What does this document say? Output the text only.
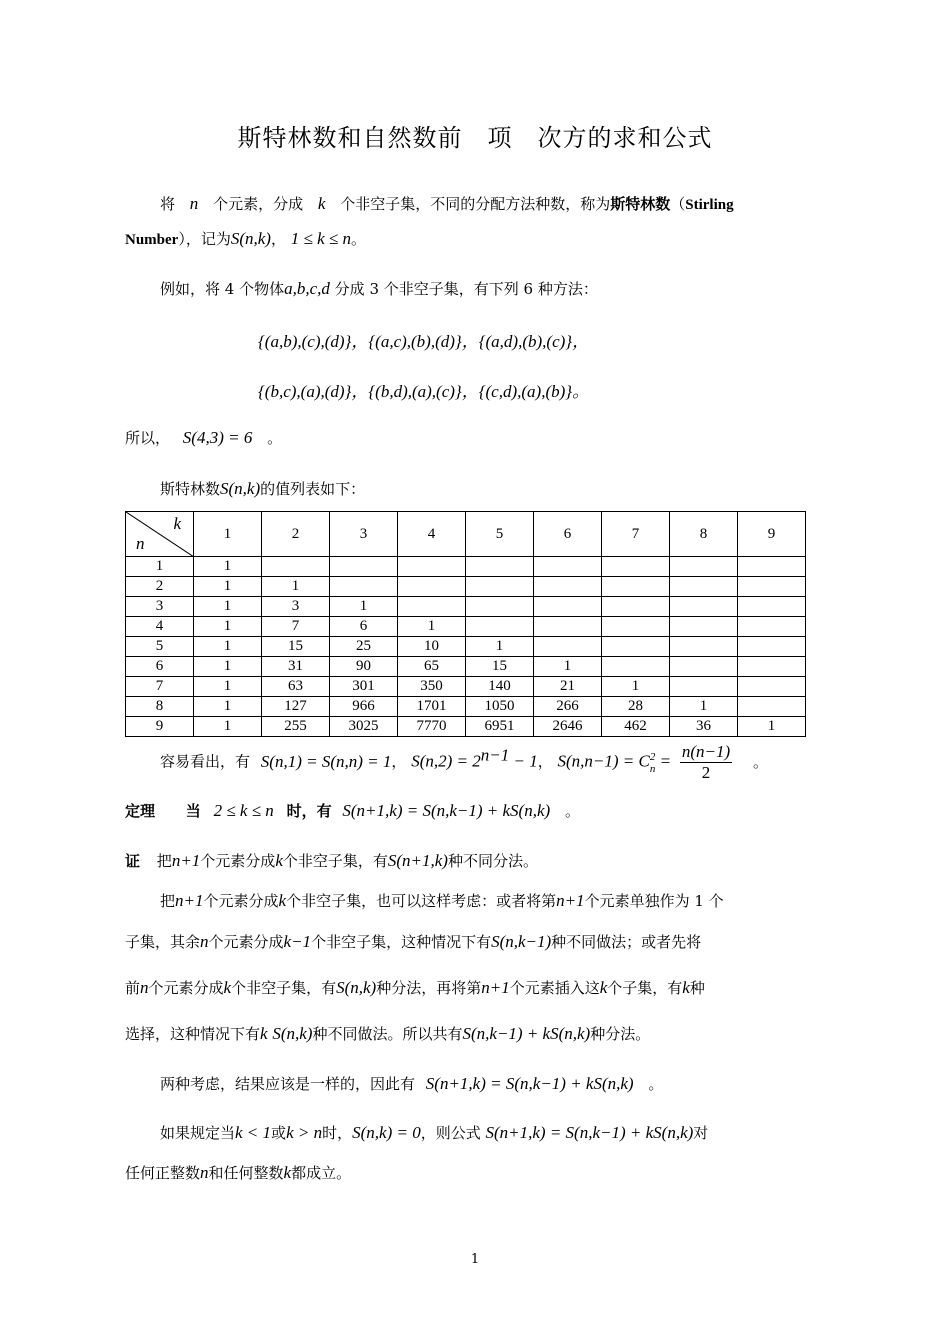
斯特林数和自然数前　项　次方的求和公式
将 n 个元素，分成 k 个非空子集，不同的分配方法种数，称为斯特林数（Stirling
Number），记为S(n,k)， 1 ≤ k ≤ n。
例如，将 4 个物体a,b,c,d 分成 3 个非空子集，有下列 6 种方法：
{(a,b),(c),(d)}，{(a,c),(b),(d)}，{(a,d),(b),(c)}，
{(b,c),(a),(d)}，{(b,d),(a),(c)}，{(c,d),(a),(b)}。
所以， S(4,3) = 6 。
斯特林数S(n,k)的值列表如下：
k
n	1	2	3	4	5	6	7	8	9
1	1								
2	1	1							
3	1	3	1						
4	1	7	6	1					
5	1	15	25	10	1				
6	1	31	90	65	15	1			
7	1	63	301	350	140	21	1		
8	1	127	966	1701	1050	266	28	1	
9	1	255	3025	7770	6951	2646	462	36	1
容易看出，有 S(n,1) = S(n,n) = 1， $S(n,2) = 2^{n-1} - 1$， S(n,n−1) = C 2
$n = \frac{n(n-1)}{2}$ 。
定理 当 2 ≤ k ≤ n 时，有 S(n+1,k) = S(n,k−1) + kS(n,k) 。
证 把n+1个元素分成k个非空子集，有S(n+1,k)种不同分法。
把n+1个元素分成k个非空子集，也可以这样考虑：或者将第n+1个元素单独作为 1 个
子集，其余n个元素分成k−1个非空子集，这种情况下有S(n,k−1)种不同做法；或者先将
前n个元素分成k个非空子集，有S(n,k)种分法，再将第n+1个元素插入这k个子集，有k种
选择，这种情况下有k S(n,k)种不同做法。所以共有S(n,k−1) + kS(n,k)种分法。
两种考虑，结果应该是一样的，因此有 S(n+1,k) = S(n,k−1) + kS(n,k) 。
如果规定当k < 1或k > n时，S(n,k) = 0，则公式 S(n+1,k) = S(n,k−1) + kS(n,k)对
任何正整数n和任何整数k都成立。
1
